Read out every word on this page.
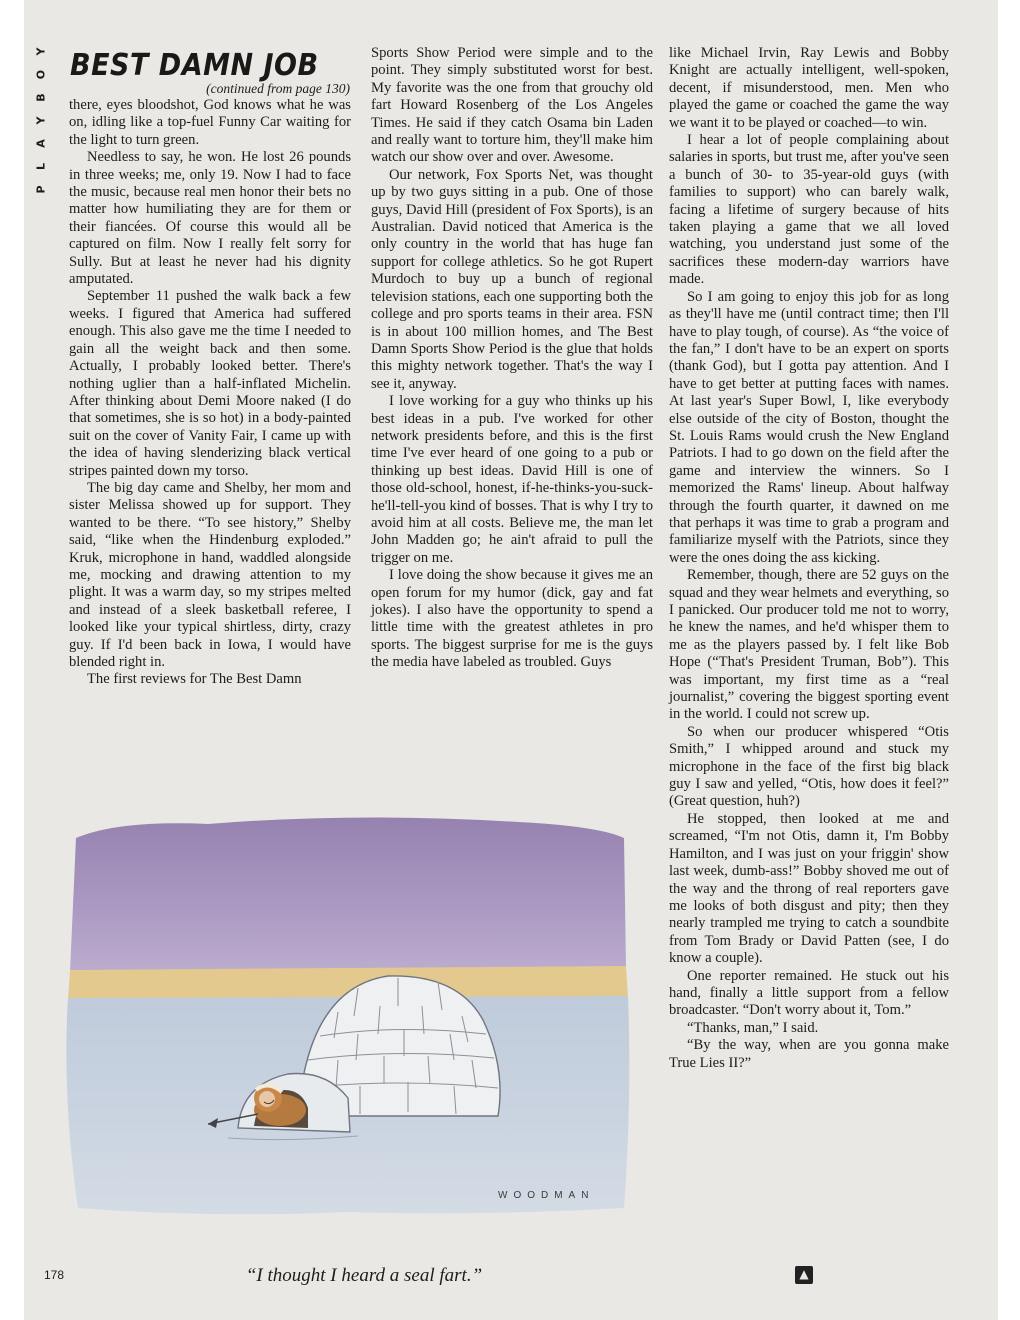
Y
O
B
Y
A
L
P
BEST DAMN JOB
(continued from page 130)

there, eyes bloodshot, God knows what he was on, idling like a top-fuel Funny Car waiting for the light to turn green.

Needless to say, he won. He lost 26 pounds in three weeks; me, only 19. Now I had to face the music, because real men honor their bets no matter how humiliating they are for them or their fiancées. Of course this would all be captured on film. Now I really felt sorry for Sully. But at least he never had his dignity amputated.

September 11 pushed the walk back a few weeks. I figured that America had suffered enough. This also gave me the time I needed to gain all the weight back and then some. Actually, I probably looked better. There's nothing uglier than a half-inflated Michelin. After thinking about Demi Moore naked (I do that sometimes, she is so hot) in a body-painted suit on the cover of Vanity Fair, I came up with the idea of having slenderizing black vertical stripes painted down my torso.

The big day came and Shelby, her mom and sister Melissa showed up for support. They wanted to be there. “To see history,” Shelby said, “like when the Hindenburg exploded.” Kruk, microphone in hand, waddled alongside me, mocking and drawing attention to my plight. It was a warm day, so my stripes melted and instead of a sleek basketball referee, I looked like your typical shirtless, dirty, crazy guy. If I'd been back in Iowa, I would have blended right in.

The first reviews for The Best Damn

Sports Show Period were simple and to the point. They simply substituted worst for best. My favorite was the one from that grouchy old fart Howard Rosenberg of the Los Angeles Times. He said if they catch Osama bin Laden and really want to torture him, they'll make him watch our show over and over. Awesome.

Our network, Fox Sports Net, was thought up by two guys sitting in a pub. One of those guys, David Hill (president of Fox Sports), is an Australian. David noticed that America is the only country in the world that has huge fan support for college athletics. So he got Rupert Murdoch to buy up a bunch of regional television stations, each one supporting both the college and pro sports teams in their area. FSN is in about 100 million homes, and The Best Damn Sports Show Period is the glue that holds this mighty network together. That's the way I see it, anyway.

I love working for a guy who thinks up his best ideas in a pub. I've worked for other network presidents before, and this is the first time I've ever heard of one going to a pub or thinking up best ideas. David Hill is one of those old-school, honest, if-he-thinks-you-suck-he'll-tell-you kind of bosses. That is why I try to avoid him at all costs. Believe me, the man let John Madden go; he ain't afraid to pull the trigger on me.

I love doing the show because it gives me an open forum for my humor (dick, gay and fat jokes). I also have the opportunity to spend a little time with the greatest athletes in pro sports. The biggest surprise for me is the guys the media have labeled as troubled. Guys

like Michael Irvin, Ray Lewis and Bobby Knight are actually intelligent, well-spoken, decent, if misunderstood, men. Men who played the game or coached the game the way we want it to be played or coached—to win.

I hear a lot of people complaining about salaries in sports, but trust me, after you've seen a bunch of 30- to 35-year-old guys (with families to support) who can barely walk, facing a lifetime of surgery because of hits taken playing a game that we all loved watching, you understand just some of the sacrifices these modern-day warriors have made.

So I am going to enjoy this job for as long as they'll have me (until contract time; then I'll have to play tough, of course). As “the voice of the fan,” I don't have to be an expert on sports (thank God), but I gotta pay attention. And I have to get better at putting faces with names. At last year's Super Bowl, I, like everybody else outside of the city of Boston, thought the St. Louis Rams would crush the New England Patriots. I had to go down on the field after the game and interview the winners. So I memorized the Rams' lineup. About halfway through the fourth quarter, it dawned on me that perhaps it was time to grab a program and familiarize myself with the Patriots, since they were the ones doing the ass kicking.

Remember, though, there are 52 guys on the squad and they wear helmets and everything, so I panicked. Our producer told me not to worry, he knew the names, and he'd whisper them to me as the players passed by. I felt like Bob Hope (“That's President Truman, Bob”). This was important, my first time as a “real journalist,” covering the biggest sporting event in the world. I could not screw up.

So when our producer whispered “Otis Smith,” I whipped around and stuck my microphone in the face of the first big black guy I saw and yelled, “Otis, how does it feel?” (Great question, huh?)

He stopped, then looked at me and screamed, “I'm not Otis, damn it, I'm Bobby Hamilton, and I was just on your friggin' show last week, dumb-ass!” Bobby shoved me out of the way and the throng of real reporters gave me looks of both disgust and pity; then they nearly trampled me trying to catch a soundbite from Tom Brady or David Patten (see, I do know a couple).

One reporter remained. He stuck out his hand, finally a little support from a fellow broadcaster. “Don't worry about it, Tom.”

“Thanks, man,” I said.

“By the way, when are you gonna make True Lies II?”

WOODMAN
“I thought I heard a seal fart.”
178	▲
